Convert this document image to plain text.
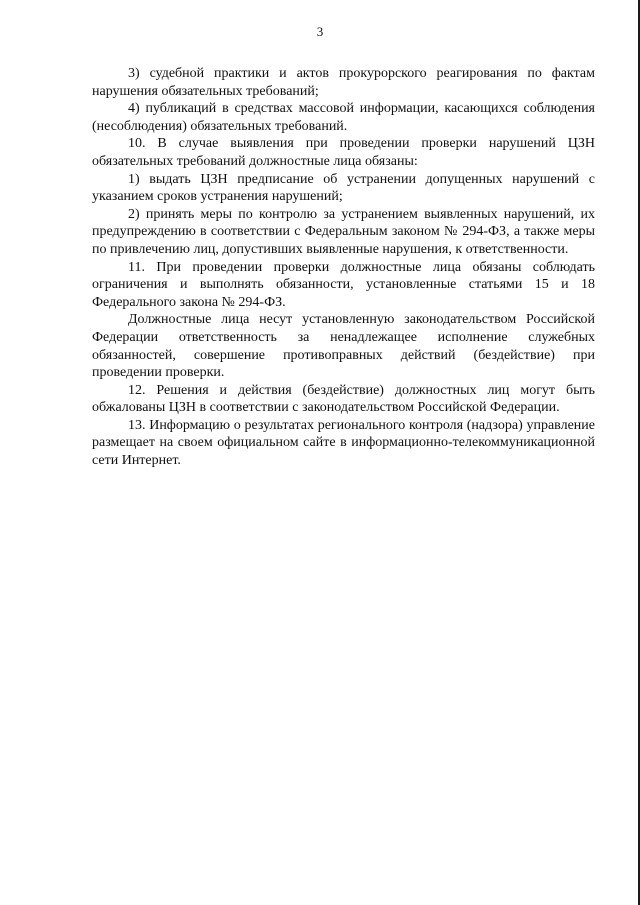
3

3) судебной практики и актов прокурорского реагирования по фактам нарушения обязательных требований;

4) публикаций в средствах массовой информации, касающихся соблюдения (несоблюдения) обязательных требований.

10. В случае выявления при проведении проверки нарушений ЦЗН обязательных требований должностные лица обязаны:

1) выдать ЦЗН предписание об устранении допущенных нарушений с указанием сроков устранения нарушений;

2) принять меры по контролю за устранением выявленных нарушений, их предупреждению в соответствии с Федеральным законом № 294-ФЗ, а также меры по привлечению лиц, допустивших выявленные нарушения, к ответственности.

11. При проведении проверки должностные лица обязаны соблюдать ограничения и выполнять обязанности, установленные статьями 15 и 18 Федерального закона № 294-ФЗ.

Должностные лица несут установленную законодательством Российской Федерации ответственность за ненадлежащее исполнение служебных обязанностей, совершение противоправных действий (бездействие) при проведении проверки.

12. Решения и действия (бездействие) должностных лиц могут быть обжалованы ЦЗН в соответствии с законодательством Российской Федерации.

13. Информацию о результатах регионального контроля (надзора) управление размещает на своем официальном сайте в информационно-телекоммуникационной сети Интернет.
